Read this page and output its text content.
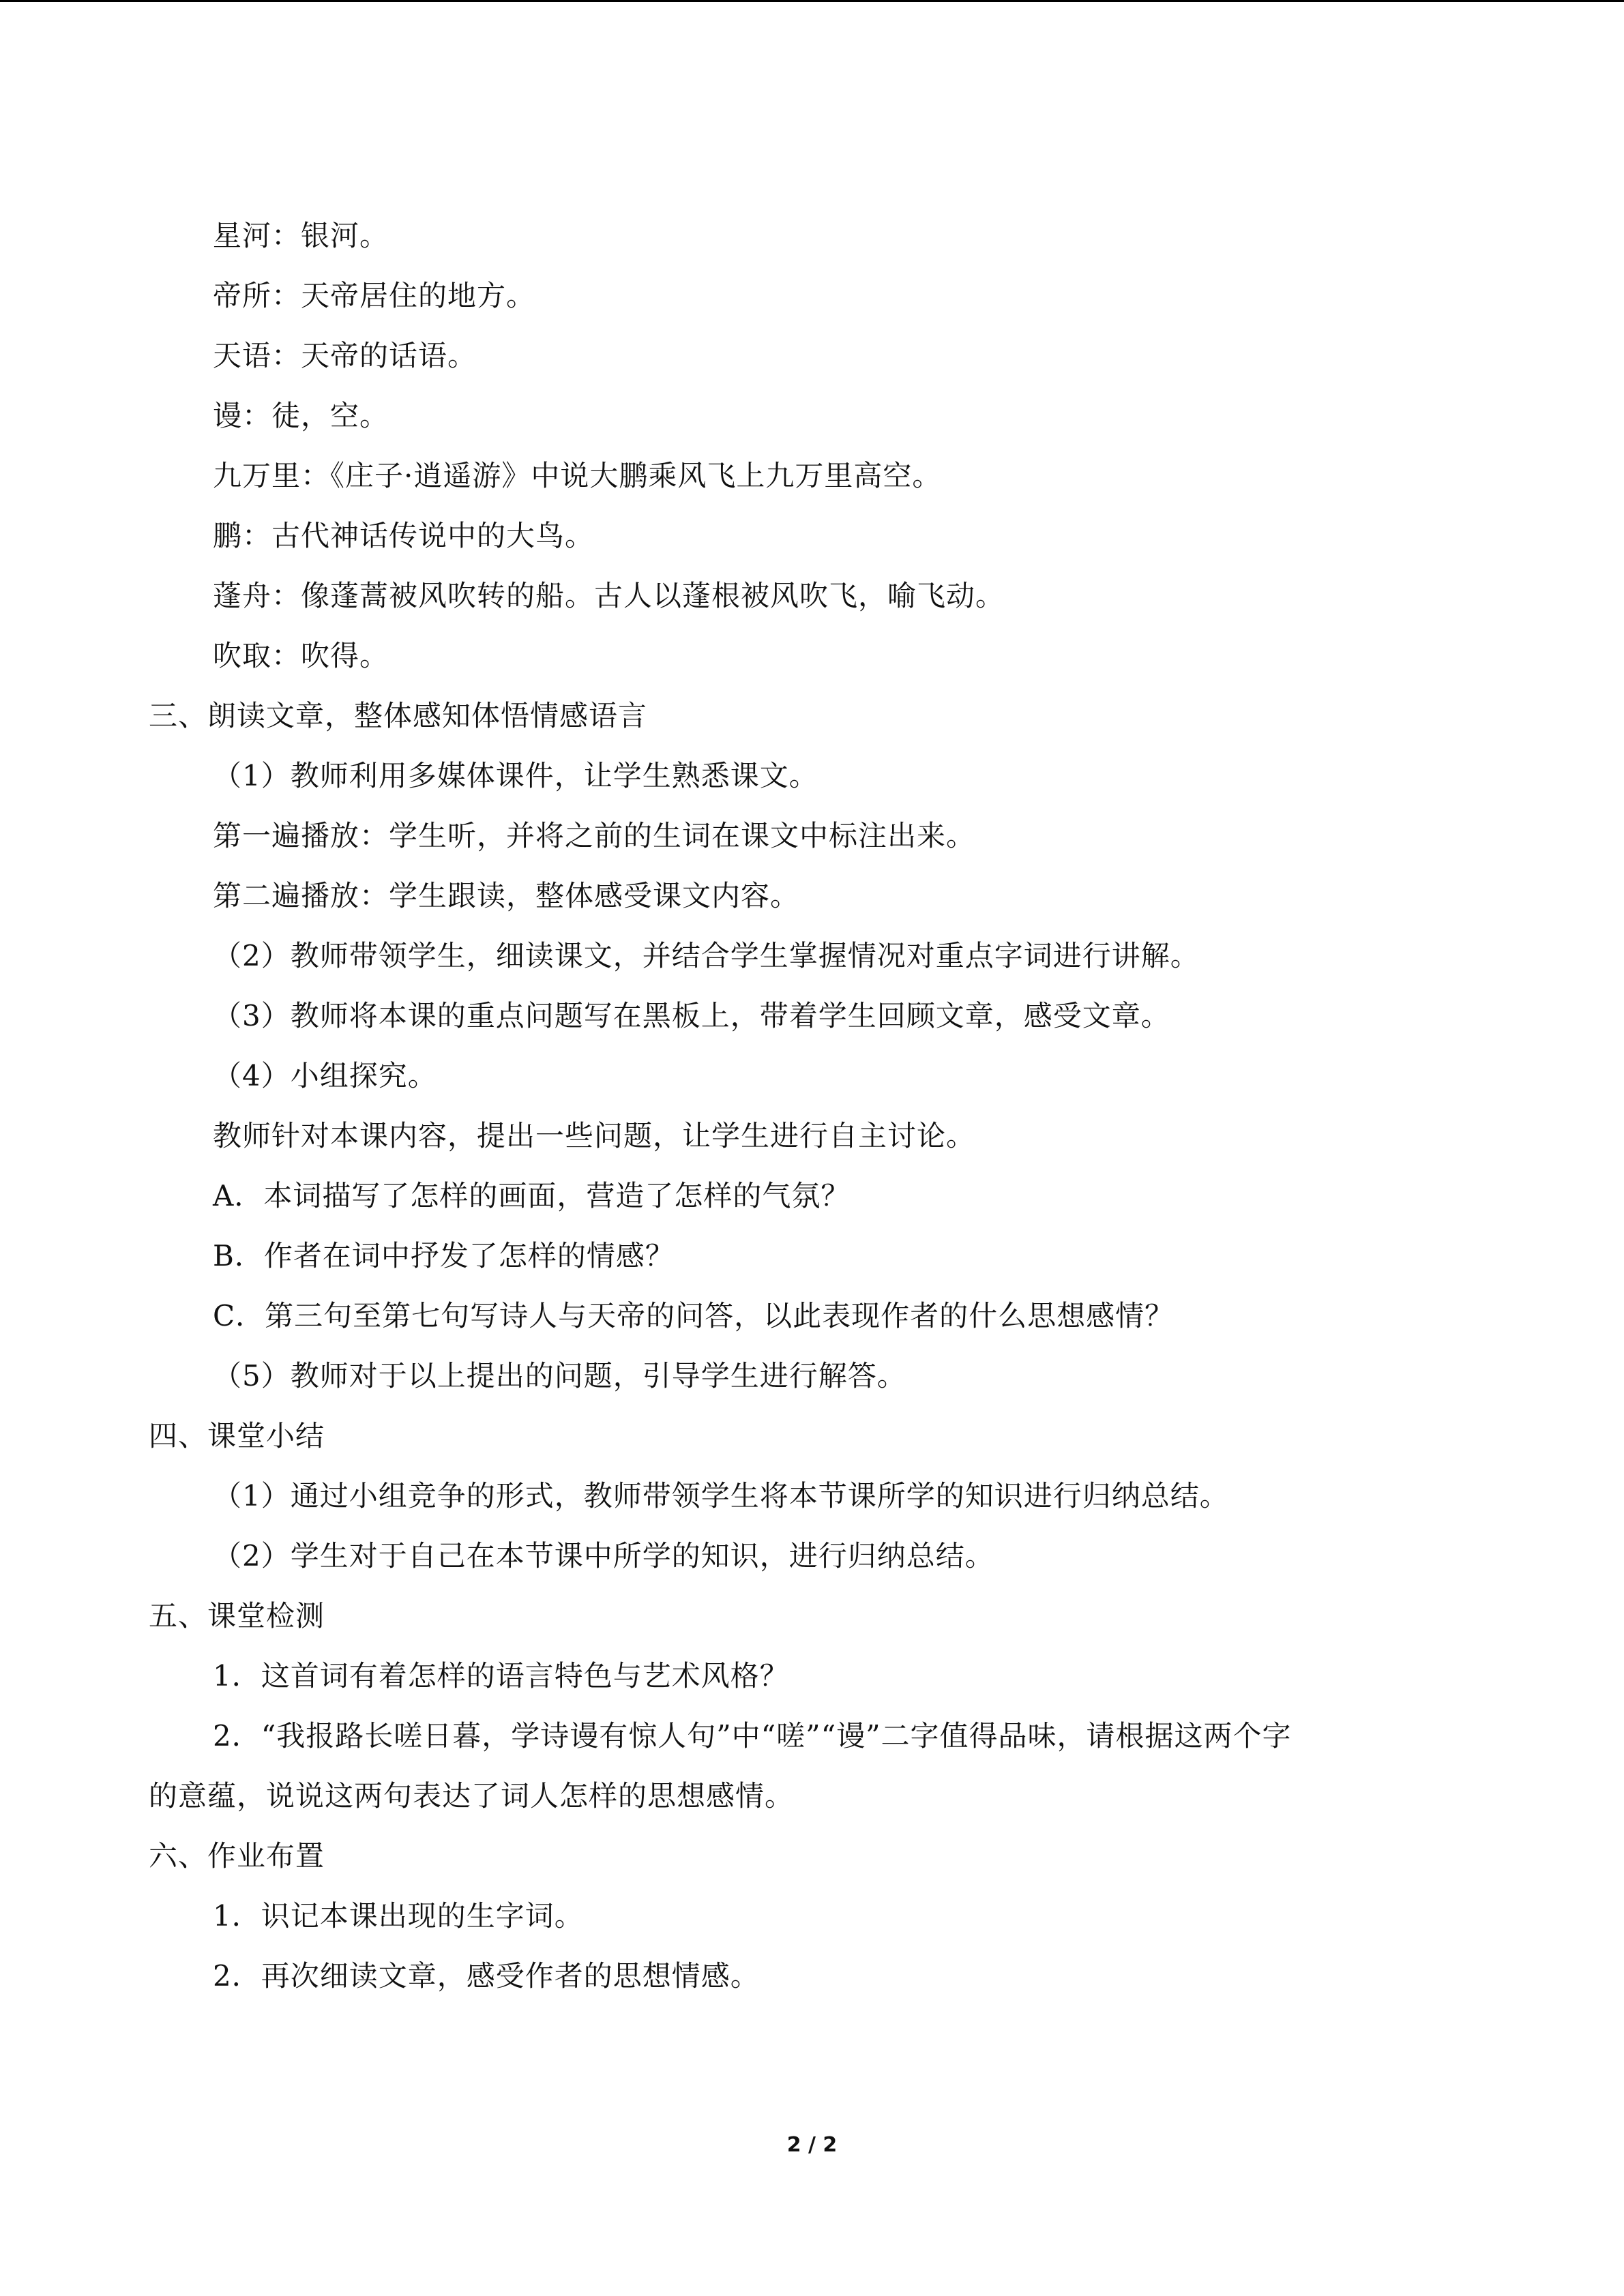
星河：银河。
帝所：天帝居住的地方。
天语：天帝的话语。
谩：徒，空。
九万里：《庄子·逍遥游》中说大鹏乘风飞上九万里高空。
鹏：古代神话传说中的大鸟。
蓬舟：像蓬蒿被风吹转的船。古人以蓬根被风吹飞，喻飞动。
吹取：吹得。
三、朗读文章，整体感知体悟情感语言
（1）教师利用多媒体课件，让学生熟悉课文。
第一遍播放：学生听，并将之前的生词在课文中标注出来。
第二遍播放：学生跟读，整体感受课文内容。
（2）教师带领学生，细读课文，并结合学生掌握情况对重点字词进行讲解。
（3）教师将本课的重点问题写在黑板上，带着学生回顾文章，感受文章。
（4）小组探究。
教师针对本课内容，提出一些问题，让学生进行自主讨论。
A．本词描写了怎样的画面，营造了怎样的气氛？
B．作者在词中抒发了怎样的情感？
C．第三句至第七句写诗人与天帝的问答，以此表现作者的什么思想感情？
（5）教师对于以上提出的问题，引导学生进行解答。
四、课堂小结
（1）通过小组竞争的形式，教师带领学生将本节课所学的知识进行归纳总结。
（2）学生对于自己在本节课中所学的知识，进行归纳总结。
五、课堂检测
1．这首词有着怎样的语言特色与艺术风格？
2．“我报路长嗟日暮，学诗谩有惊人句”中“嗟”“谩”二字值得品味，请根据这两个字
的意蕴，说说这两句表达了词人怎样的思想感情。
六、作业布置
1．识记本课出现的生字词。
2．再次细读文章，感受作者的思想情感。
2 / 2
